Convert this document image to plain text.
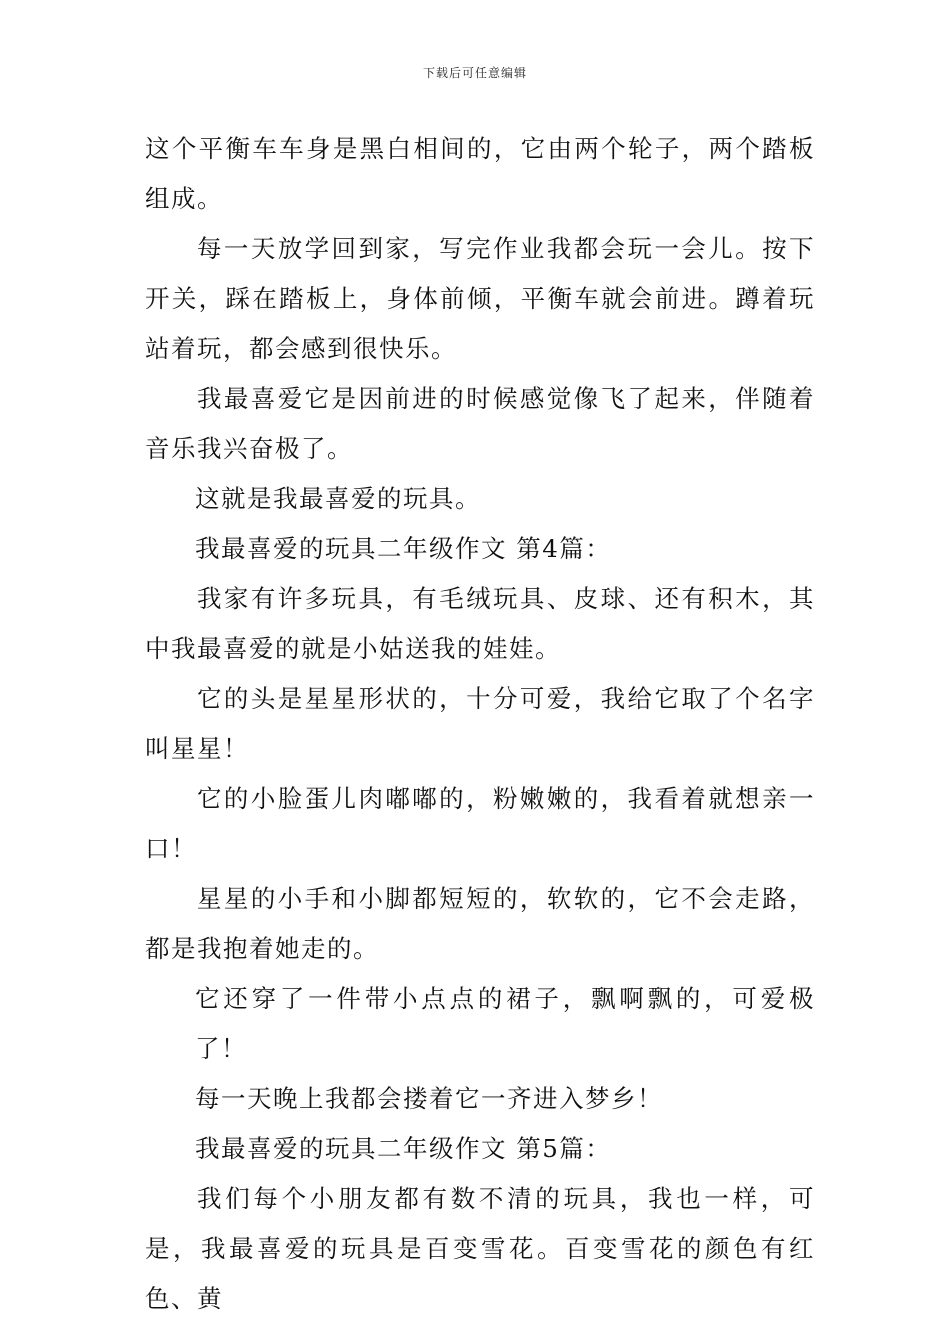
下载后可任意编辑

这个平衡车车身是黑白相间的，它由两个轮子，两个踏板组成。

每一天放学回到家，写完作业我都会玩一会儿。按下开关，踩在踏板上，身体前倾，平衡车就会前进。蹲着玩站着玩，都会感到很快乐。

我最喜爱它是因前进的时候感觉像飞了起来，伴随着音乐我兴奋极了。

这就是我最喜爱的玩具。

我最喜爱的玩具二年级作文 第4篇：

我家有许多玩具，有毛绒玩具、皮球、还有积木，其中我最喜爱的就是小姑送我的娃娃。

它的头是星星形状的，十分可爱，我给它取了个名字叫星星！

它的小脸蛋儿肉嘟嘟的，粉嫩嫩的，我看着就想亲一口！

星星的小手和小脚都短短的，软软的，它不会走路，都是我抱着她走的。

它还穿了一件带小点点的裙子，飘啊飘的，可爱极了！

每一天晚上我都会搂着它一齐进入梦乡！

我最喜爱的玩具二年级作文 第5篇：

我们每个小朋友都有数不清的玩具，我也一样，可是，我最喜爱的玩具是百变雪花。百变雪花的颜色有红色、黄
